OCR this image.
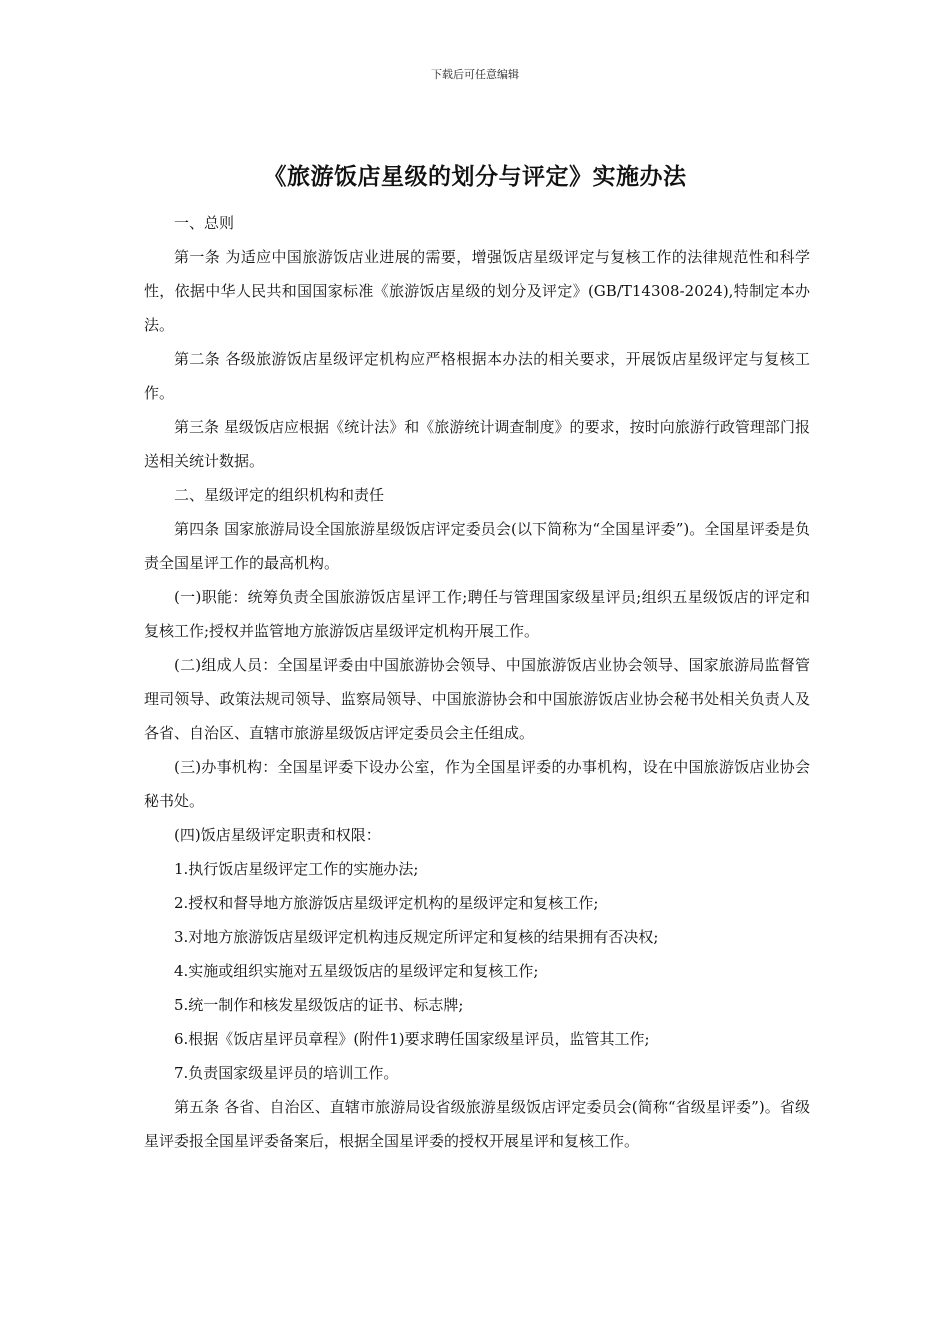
下载后可任意编辑
《旅游饭店星级的划分与评定》实施办法

一、总则

第一条 为适应中国旅游饭店业进展的需要，增强饭店星级评定与复核工作的法律规范性和科学性，依据中华人民共和国国家标准《旅游饭店星级的划分及评定》(GB/T14308-2024),特制定本办法。

第二条 各级旅游饭店星级评定机构应严格根据本办法的相关要求，开展饭店星级评定与复核工作。

第三条 星级饭店应根据《统计法》和《旅游统计调查制度》的要求，按时向旅游行政管理部门报送相关统计数据。

二、星级评定的组织机构和责任

第四条 国家旅游局设全国旅游星级饭店评定委员会(以下简称为“全国星评委”)。全国星评委是负责全国星评工作的最高机构。

(一)职能：统筹负责全国旅游饭店星评工作;聘任与管理国家级星评员;组织五星级饭店的评定和复核工作;授权并监管地方旅游饭店星级评定机构开展工作。

(二)组成人员：全国星评委由中国旅游协会领导、中国旅游饭店业协会领导、国家旅游局监督管理司领导、政策法规司领导、监察局领导、中国旅游协会和中国旅游饭店业协会秘书处相关负责人及各省、自治区、直辖市旅游星级饭店评定委员会主任组成。

(三)办事机构：全国星评委下设办公室，作为全国星评委的办事机构，设在中国旅游饭店业协会秘书处。

(四)饭店星级评定职责和权限：

1.执行饭店星级评定工作的实施办法;

2.授权和督导地方旅游饭店星级评定机构的星级评定和复核工作;

3.对地方旅游饭店星级评定机构违反规定所评定和复核的结果拥有否决权;

4.实施或组织实施对五星级饭店的星级评定和复核工作;

5.统一制作和核发星级饭店的证书、标志牌;

6.根据《饭店星评员章程》(附件1)要求聘任国家级星评员，监管其工作;

7.负责国家级星评员的培训工作。

第五条 各省、自治区、直辖市旅游局设省级旅游星级饭店评定委员会(简称“省级星评委”)。省级星评委报全国星评委备案后，根据全国星评委的授权开展星评和复核工作。
